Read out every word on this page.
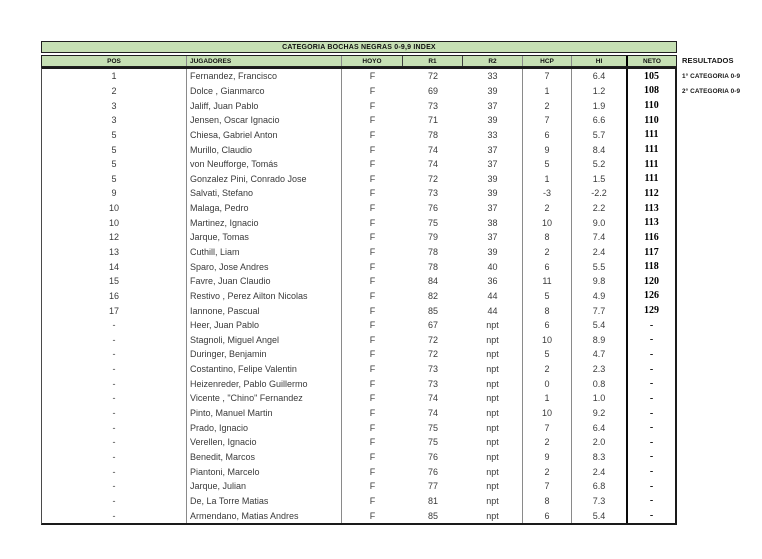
CATEGORIA BOCHAS NEGRAS 0-9,9 INDEX
POS	JUGADORES	HOYO	R1	R2	HCP	HI	NETO
1	Fernandez, Francisco	F	72	33	7	6.4	105
2	Dolce , Gianmarco	F	69	39	1	1.2	108
3	Jaliff, Juan Pablo	F	73	37	2	1.9	110
3	Jensen, Oscar Ignacio	F	71	39	7	6.6	110
5	Chiesa, Gabriel Anton	F	78	33	6	5.7	111
5	Murillo, Claudio	F	74	37	9	8.4	111
5	von Neufforge, Tomás	F	74	37	5	5.2	111
5	Gonzalez Pini, Conrado Jose	F	72	39	1	1.5	111
9	Salvati, Stefano	F	73	39	-3	-2.2	112
10	Malaga, Pedro	F	76	37	2	2.2	113
10	Martinez, Ignacio	F	75	38	10	9.0	113
12	Jarque, Tomas	F	79	37	8	7.4	116
13	Cuthill, Liam	F	78	39	2	2.4	117
14	Sparo, Jose Andres	F	78	40	6	5.5	118
15	Favre, Juan Claudio	F	84	36	11	9.8	120
16	Restivo , Perez Ailton Nicolas	F	82	44	5	4.9	126
17	Iannone, Pascual	F	85	44	8	7.7	129
-	Heer, Juan Pablo	F	67	npt	6	5.4	-
-	Stagnoli, Miguel Angel	F	72	npt	10	8.9	-
-	Duringer, Benjamin	F	72	npt	5	4.7	-
-	Costantino, Felipe Valentin	F	73	npt	2	2.3	-
-	Heizenreder, Pablo Guillermo	F	73	npt	0	0.8	-
-	Vicente , "Chino" Fernandez	F	74	npt	1	1.0	-
-	Pinto, Manuel Martin	F	74	npt	10	9.2	-
-	Prado, Ignacio	F	75	npt	7	6.4	-
-	Verellen, Ignacio	F	75	npt	2	2.0	-
-	Benedit, Marcos	F	76	npt	9	8.3	-
-	Piantoni, Marcelo	F	76	npt	2	2.4	-
-	Jarque, Julian	F	77	npt	7	6.8	-
-	De, La Torre Matias	F	81	npt	8	7.3	-
-	Armendano, Matias Andres	F	85	npt	6	5.4	-
RESULTADOS
1° CATEGORIA 0-9
2° CATEGORIA 0-9
